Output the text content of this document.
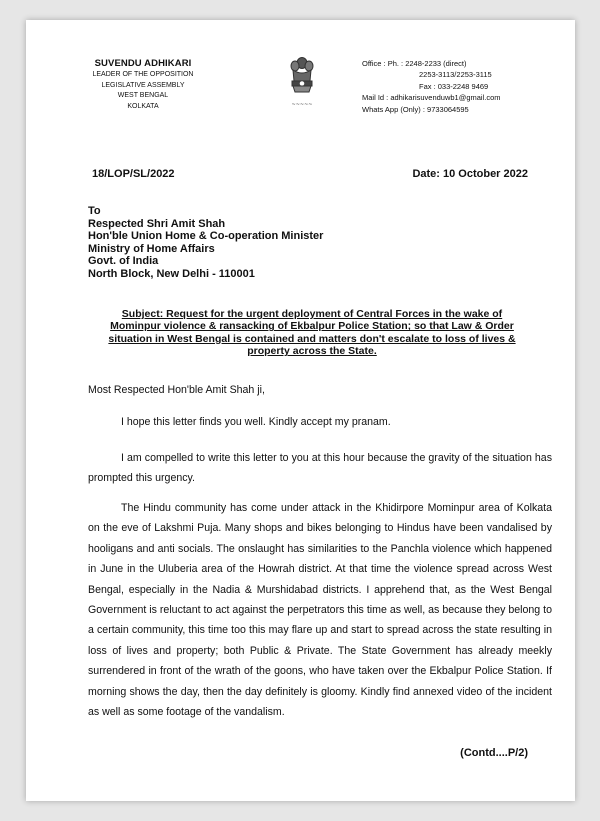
SUVENDU ADHIKARI
LEADER OF THE OPPOSITION
LEGISLATIVE ASSEMBLY
WEST BENGAL
KOLKATA	~~~~~
Office : Ph. : 2248-2233 (direct)
2253-3113/2253-3115
Fax : 033-2248 9469
Mail Id : adhikarisuvenduwb1@gmail.com
Whats App (Only) : 9733064595
18/LOP/SL/2022	Date: 10 October 2022
To
Respected Shri Amit Shah
Hon'ble Union Home & Co-operation Minister
Ministry of Home Affairs
Govt. of India
North Block, New Delhi - 110001
Subject: Request for the urgent deployment of Central Forces in the wake of Mominpur violence & ransacking of Ekbalpur Police Station; so that Law & Order situation in West Bengal is contained and matters don't escalate to loss of lives & property across the State.
Most Respected Hon'ble Amit Shah ji,
I hope this letter finds you well. Kindly accept my pranam.
I am compelled to write this letter to you at this hour because the gravity of the situation has prompted this urgency.
The Hindu community has come under attack in the Khidirpore Mominpur area of Kolkata on the eve of Lakshmi Puja. Many shops and bikes belonging to Hindus have been vandalised by hooligans and anti socials. The onslaught has similarities to the Panchla violence which happened in June in the Uluberia area of the Howrah district. At that time the violence spread across West Bengal, especially in the Nadia & Murshidabad districts. I apprehend that, as the West Bengal Government is reluctant to act against the perpetrators this time as well, as because they belong to a certain community, this time too this may flare up and start to spread across the state resulting in loss of lives and property; both Public & Private. The State Government has already meekly surrendered in front of the wrath of the goons, who have taken over the Ekbalpur Police Station. If morning shows the day, then the day definitely is gloomy. Kindly find annexed video of the incident as well as some footage of the vandalism.
(Contd....P/2)
